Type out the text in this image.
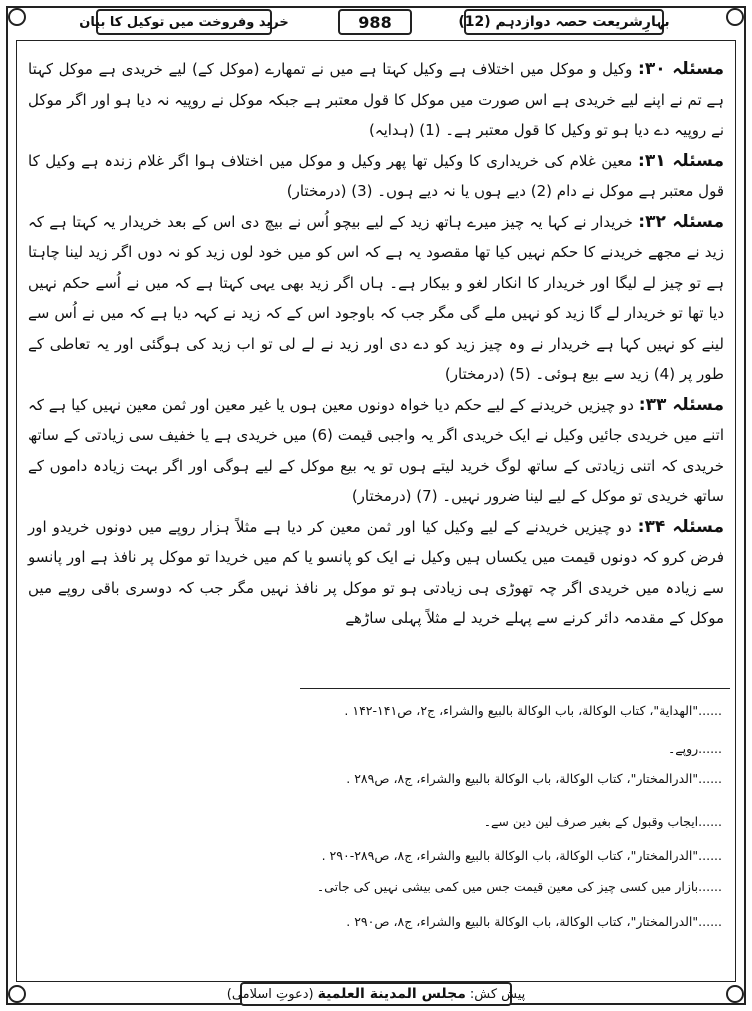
خرید وفروخت میں توکیل کا بیان	988	بہارِشریعت حصہ دوازدہم

(12)

مسئلہ ۳۰: وکیل و موکل میں اختلاف ہے وکیل کہتا ہے میں نے تمھارے (موکل کے) لیے خریدی ہے موکل کہتا ہے تم نے اپنے لیے خریدی ہے اس صورت میں موکل کا قول معتبر ہے جبکہ موکل نے روپیہ نہ دیا ہو اور اگر موکل نے روپیہ دے دیا ہو تو وکیل کا قول معتبر ہے۔ (1) (ہدایہ)

مسئلہ ۳۱: معین غلام کی خریداری کا وکیل تھا پھر وکیل و موکل میں اختلاف ہوا اگر غلام زندہ ہے وکیل کا قول معتبر ہے موکل نے دام (2) دیے ہوں یا نہ دیے ہوں۔ (3) (درمختار)

مسئلہ ۳۲: خریدار نے کہا یہ چیز میرے ہاتھ زید کے لیے بیچو اُس نے بیچ دی اس کے بعد خریدار یہ کہتا ہے کہ زید نے مجھے خریدنے کا حکم نہیں کیا تھا مقصود یہ ہے کہ اس کو میں خود لوں زید کو نہ دوں اگر زید لینا چاہتا ہے تو چیز لے لیگا اور خریدار کا انکار لغو و بیکار ہے۔ ہاں اگر زید بھی یہی کہتا ہے کہ میں نے اُسے حکم نہیں دیا تھا تو خریدار لے گا زید کو نہیں ملے گی مگر جب کہ باوجود اس کے کہ زید نے کہہ دیا ہے کہ میں نے اُس سے لینے کو نہیں کہا ہے خریدار نے وہ چیز زید کو دے دی اور زید نے لے لی تو اب زید کی ہوگئی اور یہ تعاطی کے طور پر (4) زید سے بیع ہوئی۔ (5) (درمختار)

مسئلہ ۳۳: دو چیزیں خریدنے کے لیے حکم دیا خواہ دونوں معین ہوں یا غیر معین اور ثمن معین نہیں کیا ہے کہ اتنے میں خریدی جائیں وکیل نے ایک خریدی اگر یہ واجبی قیمت (6) میں خریدی ہے یا خفیف سی زیادتی کے ساتھ خریدی کہ اتنی زیادتی کے ساتھ لوگ خرید لیتے ہوں تو یہ بیع موکل کے لیے ہوگی اور اگر بہت زیادہ داموں کے ساتھ خریدی تو موکل کے لیے لینا ضرور نہیں۔ (7) (درمختار)

مسئلہ ۳۴: دو چیزیں خریدنے کے لیے وکیل کیا اور ثمن معین کر دیا ہے مثلاً ہزار روپے میں دونوں خریدو اور فرض کرو کہ دونوں قیمت میں یکساں ہیں وکیل نے ایک کو پانسو یا کم میں خریدا تو موکل پر نافذ ہے اور پانسو سے زیادہ میں خریدی اگر چہ تھوڑی ہی زیادتی ہو تو موکل پر نافذ نہیں مگر جب کہ دوسری باقی روپے میں موکل کے مقدمہ دائر کرنے سے پہلے خرید لے مثلاً پہلی ساڑھے

......"الهداية"، كتاب الوكالة، باب الوكالة بالبيع والشراء، ج۲، ص۱۴۱-۱۴۲ .
......روپے۔
......"الدرالمختار"، كتاب الوكالة، باب الوكالة بالبيع والشراء، ج۸، ص۲۸۹ .
......ایجاب وقبول کے بغیر صرف لین دین سے۔
......"الدرالمختار"، كتاب الوكالة، باب الوكالة بالبيع والشراء، ج۸، ص۲۸۹-۲۹۰ .
......بازار میں کسی چیز کی معین قیمت جس میں کمی بیشی نہیں کی جاتی۔
......"الدرالمختار"، كتاب الوكالة، باب الوكالة بالبيع والشراء، ج۸، ص۲۹۰ .
پیش کش:
مجلس المدينة العلمية
(دعوتِ اسلامی)
